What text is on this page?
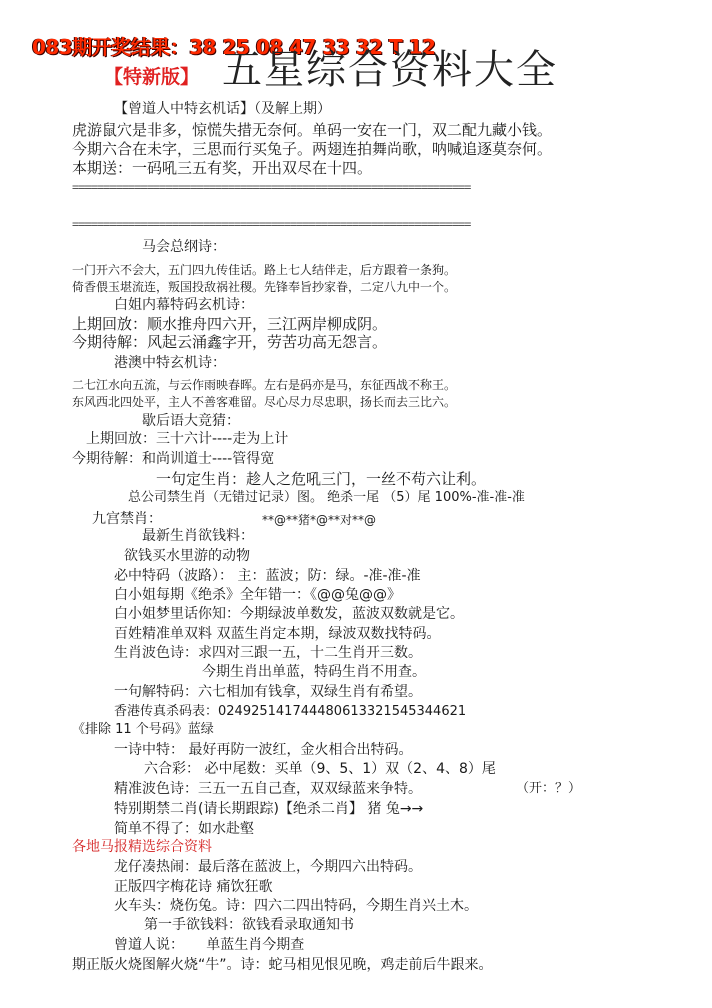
083期开奖结果：38 25 08 47 33 32 T 12
【特新版】 五星综合资料大全
【曾道人中特玄机话】（及解上期）
虎游鼠穴是非多，惊慌失措无奈何。单码一安在一门，双二配九藏小钱。
今期六合在未字，三思而行买兔子。两翅连拍舞尚歌，呐喊追逐莫奈何。
本期送：一码吼三五有奖，开出双尽在十四。
================================================================
================================================================
马会总纲诗：
一门开六不会大，五门四九传佳话。路上七人结伴走，后方跟着一条狗。
倚香偎玉堪流连，叛国投敌祸社稷。先锋奉旨抄家眷，二定八九中一个。
白姐内幕特码玄机诗：
上期回放：顺水推舟四六开，三江两岸柳成阴。
今期待解：风起云涌鑫字开，劳苦功高无怨言。
港澳中特玄机诗：
二七江水向五流，与云作雨映春晖。左右是码亦是马，东征西战不称王。
东风西北四处平，主人不善客难留。尽心尽力尽忠职，扬长而去三比六。
歇后语大竞猜：
上期回放：三十六计----走为上计
今期待解：和尚训道士----管得宽
一句定生肖：趁人之危吼三门，一丝不苟六让利。
总公司禁生肖（无错过记录）图。 绝杀一尾 （5）尾 100%-准-准-准
九宫禁肖：	**@**猪*@**对**@
最新生肖欲钱料：
欲钱买水里游的动物
必中特码（波路）： 主：蓝波；防：绿。-准-准-准
白小姐每期《绝杀》全年错一：《@@兔@@》
白小姐梦里话你知：今期绿波单数发，蓝波双数就是它。
百姓精准单双料 双蓝生肖定本期，绿波双数找特码。
生肖波色诗：求四对三跟一五，十二生肖开三数。
今期生肖出单蓝，特码生肖不用查。
一句解特码：六七相加有钱拿，双绿生肖有希望。
香港传真杀码表：02492514174448061332154534462​1
《排除 11 个号码》蓝绿
一诗中特： 最好再防一波红，金火相合出特码。
六合彩： 必中尾数：买单（9、5、1）双（2、4、8）尾
精准波色诗：三五一五自己查，双双绿蓝来争特。	（开：？）
特别期禁二肖(请长期跟踪)【绝杀二肖】 猪 兔→→
简单不得了：如水赴壑
各地马报精选综合资料
龙仔凑热闹：最后落在蓝波上，今期四六出特码。
正版四字梅花诗 痛饮狂歌
火车头：烧伤兔。诗：四六二四出特码，今期生肖兴土木。
第一手欲钱料：欲钱看录取通知书
曾道人说：     单蓝生肖今期查
期正版火烧图解火烧“牛”。诗：蛇马相见恨见晚，鸡走前后牛跟来。
